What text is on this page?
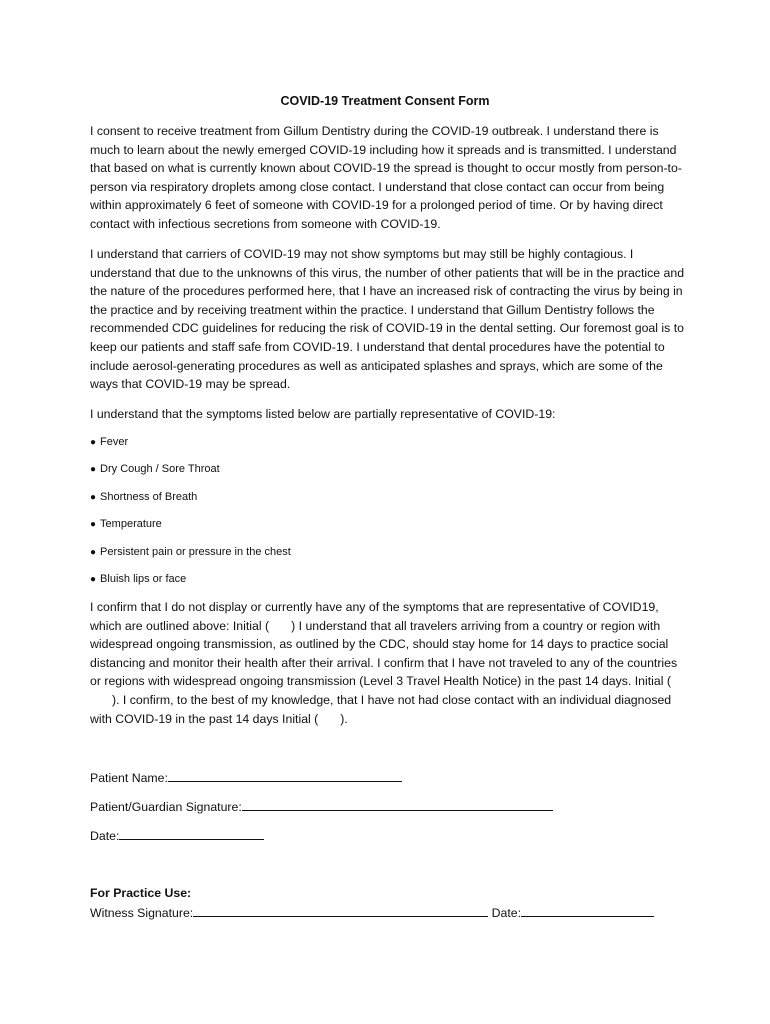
COVID-19 Treatment Consent Form

I consent to receive treatment from Gillum Dentistry during the COVID-19 outbreak. I understand there is much to learn about the newly emerged COVID-19 including how it spreads and is transmitted. I understand that based on what is currently known about COVID-19 the spread is thought to occur mostly from person-to-person via respiratory droplets among close contact. I understand that close contact can occur from being within approximately 6 feet of someone with COVID-19 for a prolonged period of time. Or by having direct contact with infectious secretions from someone with COVID-19.

I understand that carriers of COVID-19 may not show symptoms but may still be highly contagious. I understand that due to the unknowns of this virus, the number of other patients that will be in the practice and the nature of the procedures performed here, that I have an increased risk of contracting the virus by being in the practice and by receiving treatment within the practice. I understand that Gillum Dentistry follows the recommended CDC guidelines for reducing the risk of COVID-19 in the dental setting. Our foremost goal is to keep our patients and staff safe from COVID-19. I understand that dental procedures have the potential to include aerosol-generating procedures as well as anticipated splashes and sprays, which are some of the ways that COVID-19 may be spread.

I understand that the symptoms listed below are partially representative of COVID-19:

● Fever
● Dry Cough / Sore Throat
● Shortness of Breath
● Temperature
● Persistent pain or pressure in the chest
● Bluish lips or face

I confirm that I do not display or currently have any of the symptoms that are representative of COVID19, which are outlined above: Initial ( ) I understand that all travelers arriving from a country or region with widespread ongoing transmission, as outlined by the CDC, should stay home for 14 days to practice social distancing and monitor their health after their arrival. I confirm that I have not traveled to any of the countries or regions with widespread ongoing transmission (Level 3 Travel Health Notice) in the past 14 days. Initial (). I confirm, to the best of my knowledge, that I have not had close contact with an individual diagnosed with COVID-19 in the past 14 days Initial ( ).

Patient Name:
Patient/Guardian Signature:
Date:
For Practice Use:
Witness Signature:	Date:
